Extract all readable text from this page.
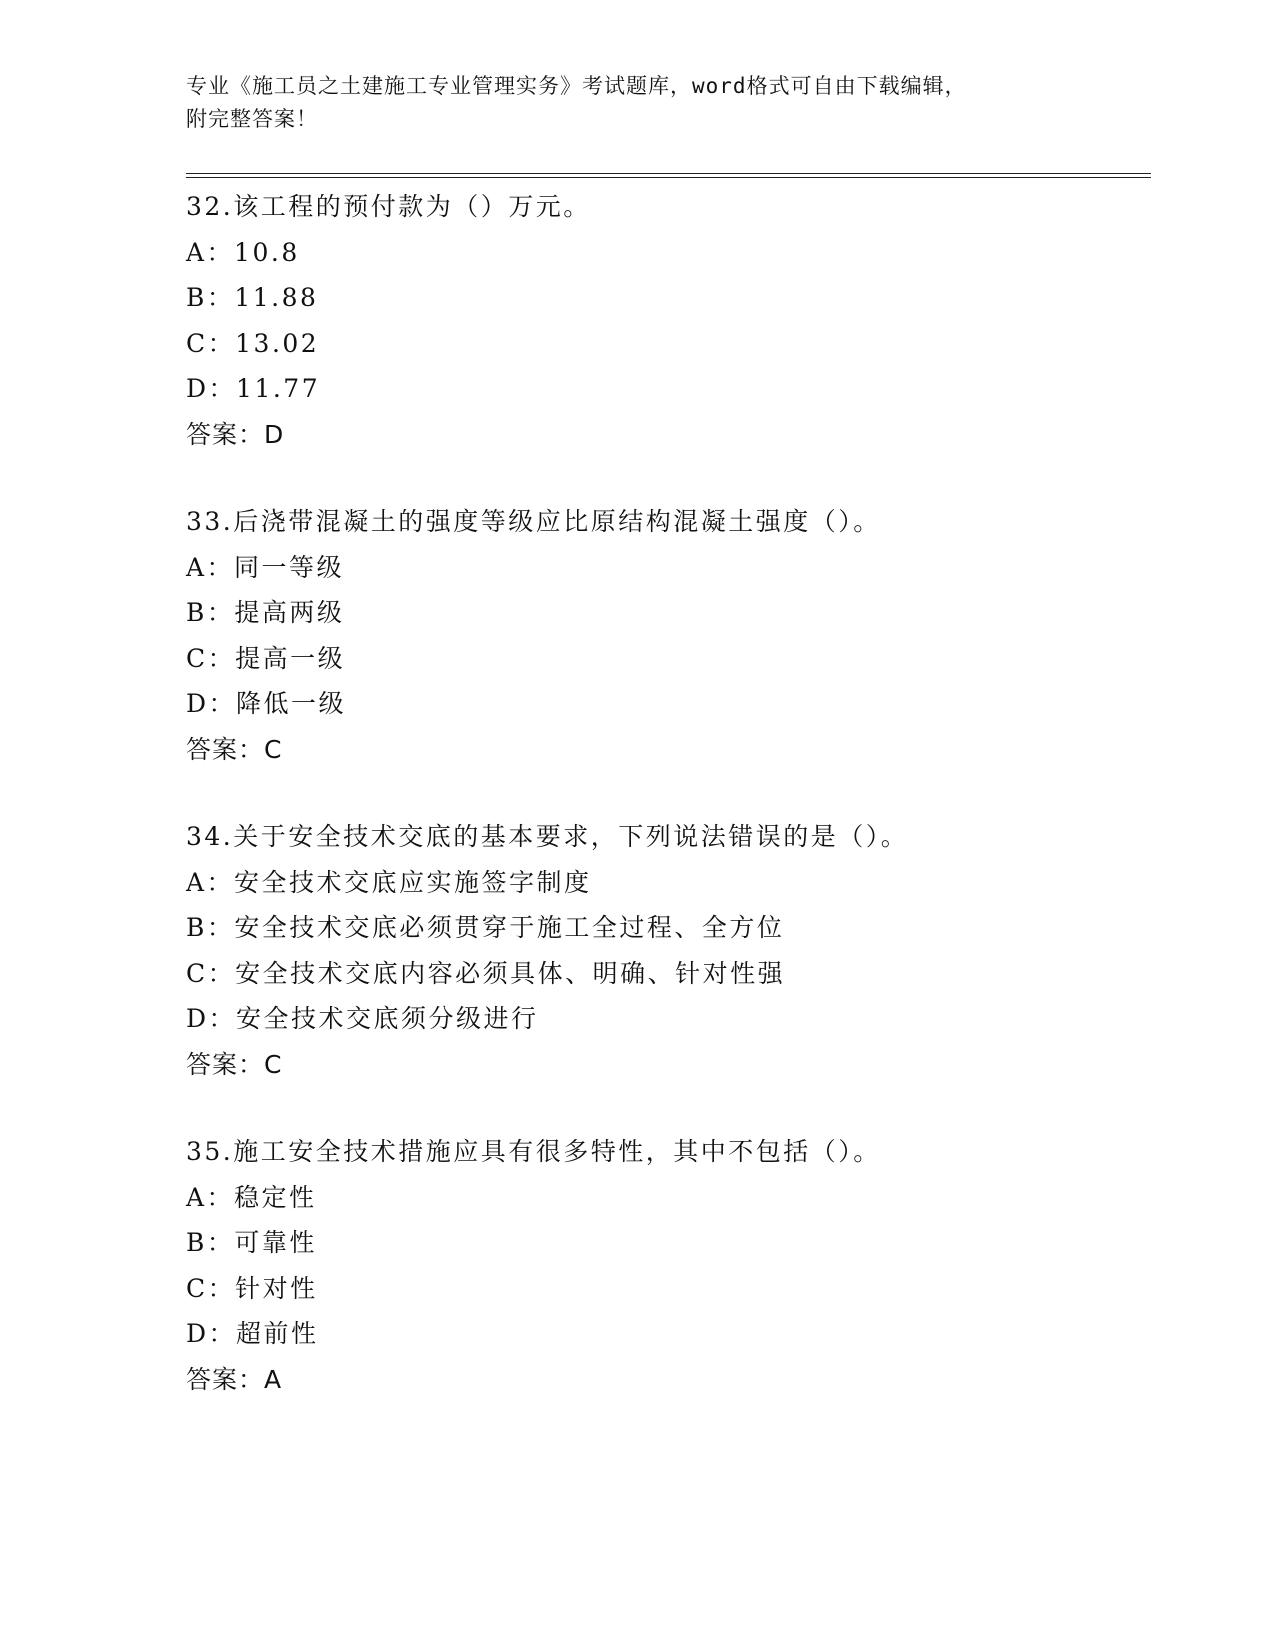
专业《施工员之土建施工专业管理实务》考试题库，word格式可自由下载编辑，
附完整答案！
32.该工程的预付款为（）万元。
A：10.8
B：11.88
C：13.02
D：11.77
答案：D
33.后浇带混凝土的强度等级应比原结构混凝土强度（）。
A：同一等级
B：提高两级
C：提高一级
D：降低一级
答案：C
34.关于安全技术交底的基本要求，下列说法错误的是（）。
A：安全技术交底应实施签字制度
B：安全技术交底必须贯穿于施工全过程、全方位
C：安全技术交底内容必须具体、明确、针对性强
D：安全技术交底须分级进行
答案：C
35.施工安全技术措施应具有很多特性，其中不包括（）。
A：稳定性
B：可靠性
C：针对性
D：超前性
答案：A
